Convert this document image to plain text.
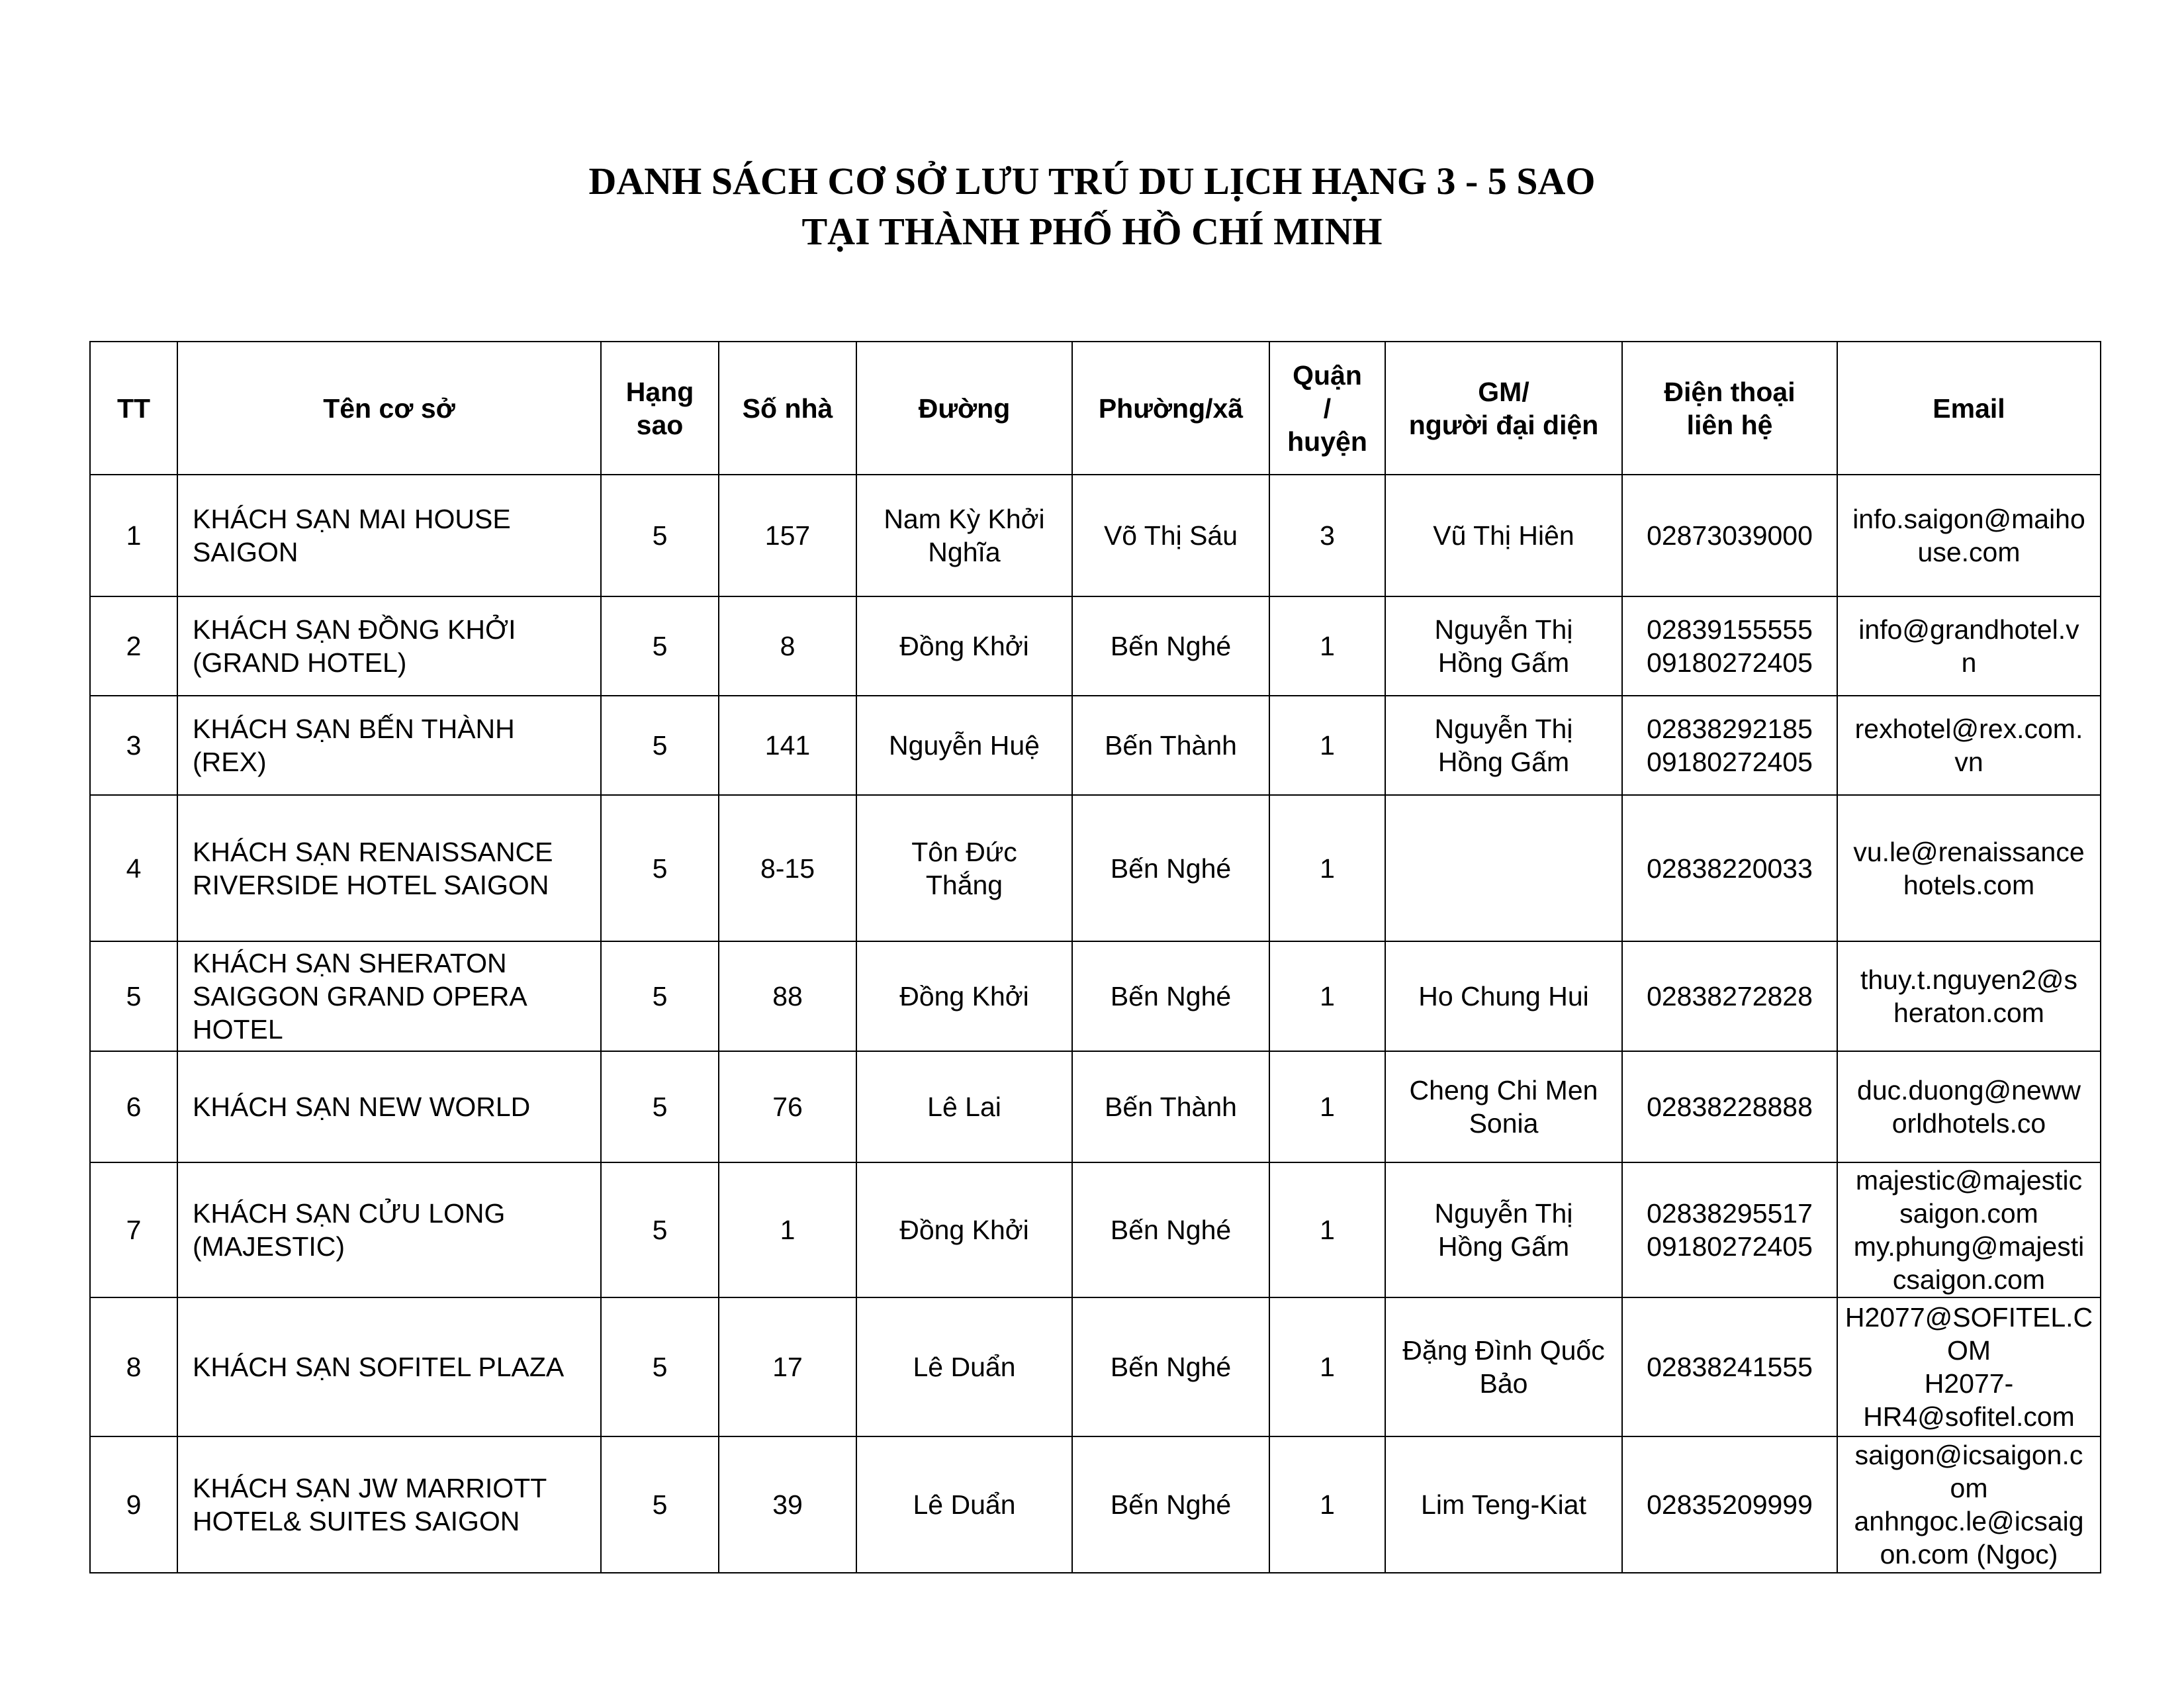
DANH SÁCH CƠ SỞ LƯU TRÚ DU LỊCH HẠNG 3 - 5 SAO
TẠI THÀNH PHỐ HỒ CHÍ MINH
TT	Tên cơ sở	Hạng
sao	Số nhà	Đường	Phường/xã	Quận
/
huyện	GM/
người đại diện	Điện thoại
liên hệ	Email
1	KHÁCH SẠN MAI HOUSE
SAIGON	5	157	Nam Kỳ Khởi
Nghĩa	Võ Thị Sáu	3	Vũ Thị Hiên	02873039000	info.saigon@maiho
use.com
2	KHÁCH SẠN ĐỒNG KHỞI
(GRAND HOTEL)	5	8	Đồng Khởi	Bến Nghé	1	Nguyễn Thị
Hồng Gấm	02839155555
09180272405	info@grandhotel.v
n
3	KHÁCH SẠN BẾN THÀNH (REX)	5	141	Nguyễn Huệ	Bến Thành	1	Nguyễn Thị
Hồng Gấm	02838292185
09180272405	rexhotel@rex.com.
vn
4	KHÁCH SẠN RENAISSANCE
RIVERSIDE HOTEL SAIGON	5	8-15	Tôn Đức
Thắng	Bến Nghé	1		02838220033	vu.le@renaissance
hotels.com
5	KHÁCH SẠN SHERATON
SAIGGON GRAND OPERA
HOTEL	5	88	Đồng Khởi	Bến Nghé	1	Ho Chung Hui	02838272828	thuy.t.nguyen2@s
heraton.com
6	KHÁCH SẠN NEW WORLD	5	76	Lê Lai	Bến Thành	1	Cheng Chi Men
Sonia	02838228888	duc.duong@neww
orldhotels.co
7	KHÁCH SẠN CỬU LONG
(MAJESTIC)	5	1	Đồng Khởi	Bến Nghé	1	Nguyễn Thị
Hồng Gấm	02838295517
09180272405	majestic@majestic
saigon.com
my.phung@majesti
csaigon.com
8	KHÁCH SẠN SOFITEL PLAZA	5	17	Lê Duẩn	Bến Nghé	1	Đặng Đình Quốc
Bảo	02838241555	H2077@SOFITEL.C
OM
H2077-
HR4@sofitel.com
9	KHÁCH SẠN JW MARRIOTT
HOTEL& SUITES SAIGON	5	39	Lê Duẩn	Bến Nghé	1	Lim Teng-Kiat	02835209999	saigon@icsaigon.c
om
anhngoc.le@icsaig
on.com (Ngoc)
